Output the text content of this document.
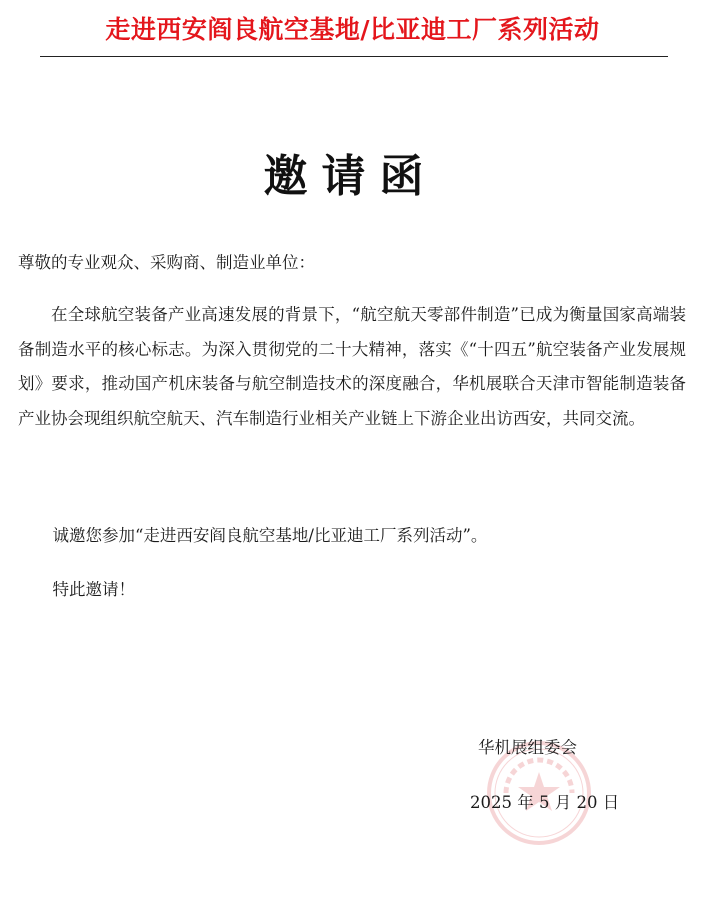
走进西安阎良航空基地/比亚迪工厂系列活动
邀请函
尊敬的专业观众、采购商、制造业单位：
在全球航空装备产业高速发展的背景下，“航空航天零部件制造”已成为衡量国家高端装备制造水平的核心标志。为深入贯彻党的二十大精神，落实《“十四五”航空装备产业发展规划》要求，推动国产机床装备与航空制造技术的深度融合，华机展联合天津市智能制造装备产业协会现组织航空航天、汽车制造行业相关产业链上下游企业出访西安，共同交流。
诚邀您参加“走进西安阎良航空基地/比亚迪工厂系列活动”。
特此邀请！
华机展组委会
2025 年 5 月 20 日
